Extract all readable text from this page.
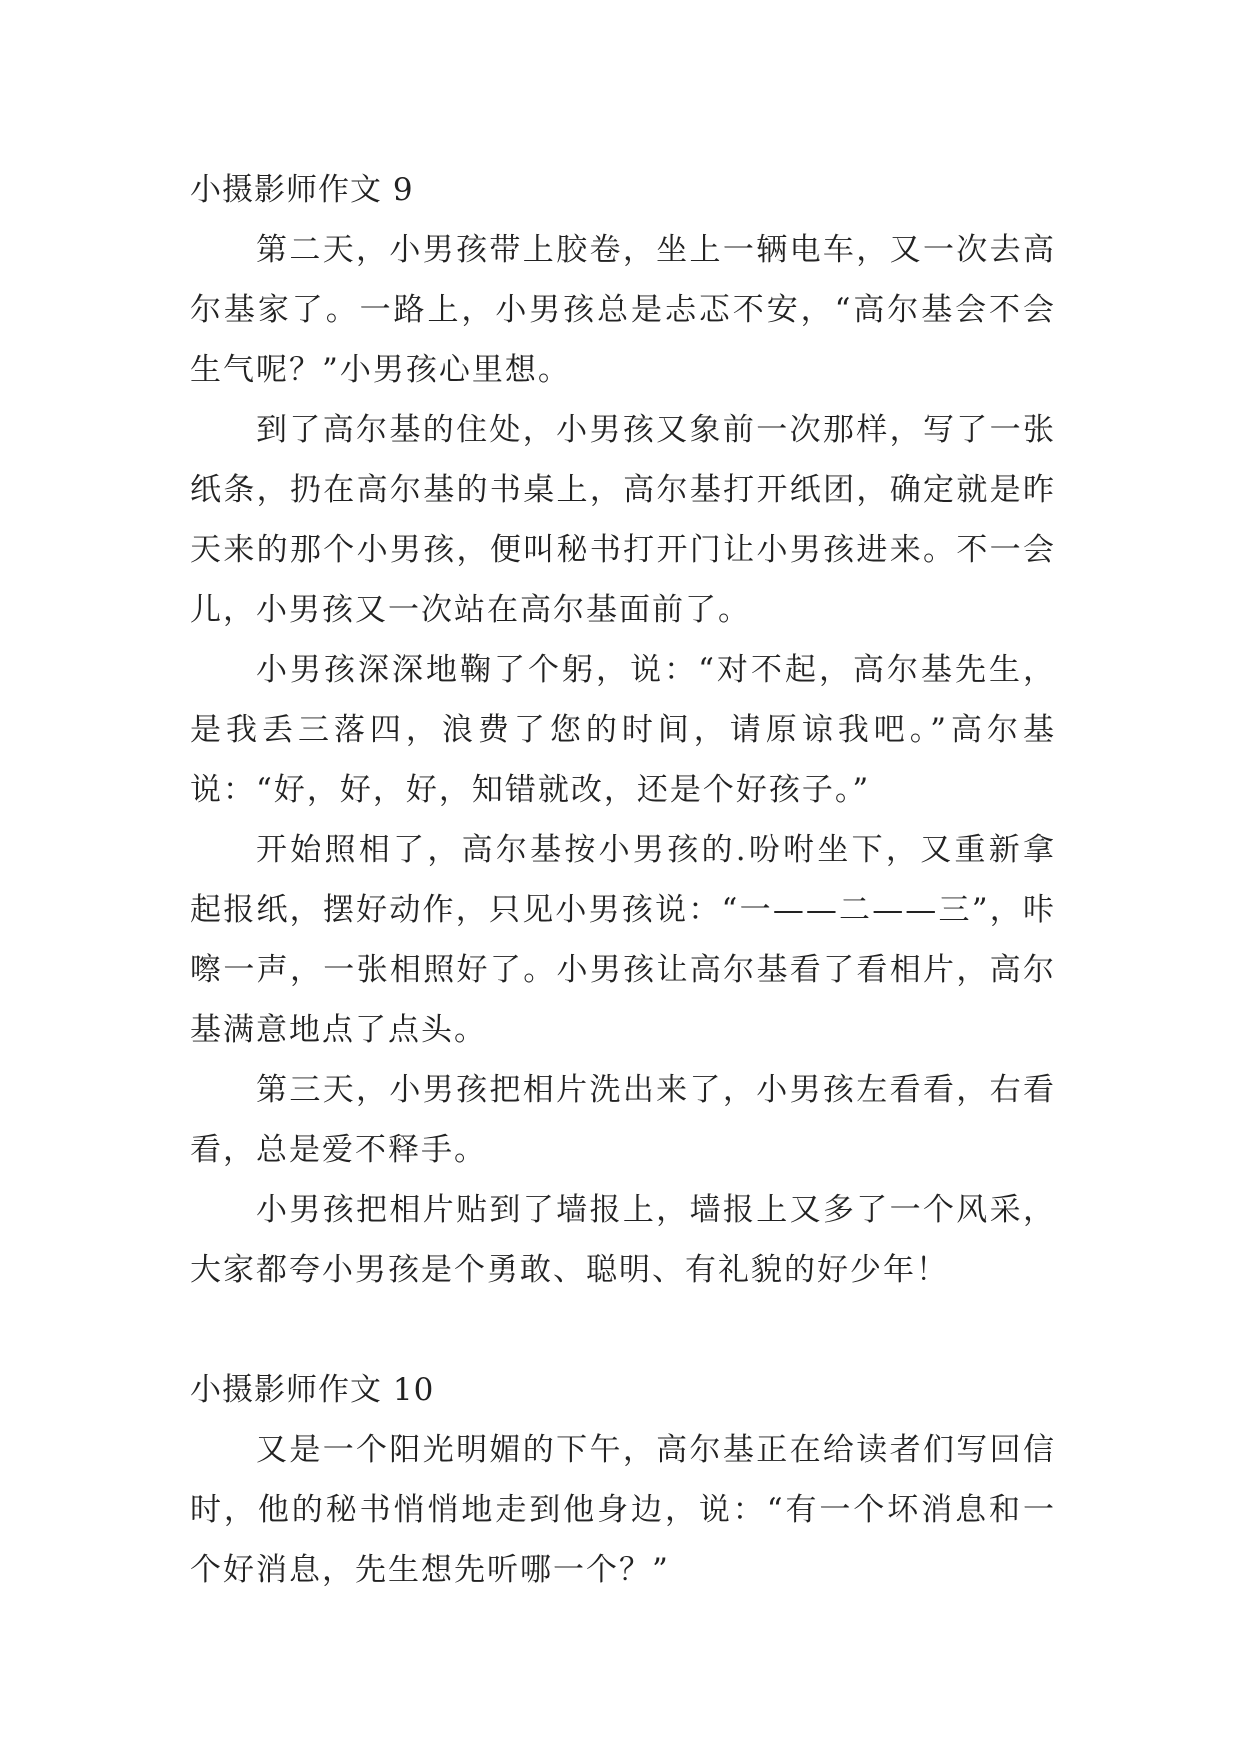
小摄影师作文 9

第二天，小男孩带上胶卷，坐上一辆电车，又一次去高尔基家了。一路上，小男孩总是忐忑不安，“高尔基会不会生气呢？”小男孩心里想。

到了高尔基的住处，小男孩又象前一次那样，写了一张纸条，扔在高尔基的书桌上，高尔基打开纸团，确定就是昨天来的那个小男孩，便叫秘书打开门让小男孩进来。不一会儿，小男孩又一次站在高尔基面前了。

小男孩深深地鞠了个躬，说：“对不起，高尔基先生，是我丢三落四，浪费了您的时间，请原谅我吧。”高尔基说：“好，好，好，知错就改，还是个好孩子。”

开始照相了，高尔基按小男孩的.吩咐坐下，又重新拿起报纸，摆好动作，只见小男孩说：“一——二——三”，咔嚓一声，一张相照好了。小男孩让高尔基看了看相片，高尔基满意地点了点头。

第三天，小男孩把相片洗出来了，小男孩左看看，右看看，总是爱不释手。

小男孩把相片贴到了墙报上，墙报上又多了一个风采，大家都夸小男孩是个勇敢、聪明、有礼貌的好少年！

小摄影师作文 10

又是一个阳光明媚的下午，高尔基正在给读者们写回信时，他的秘书悄悄地走到他身边，说：“有一个坏消息和一个好消息，先生想先听哪一个？”
